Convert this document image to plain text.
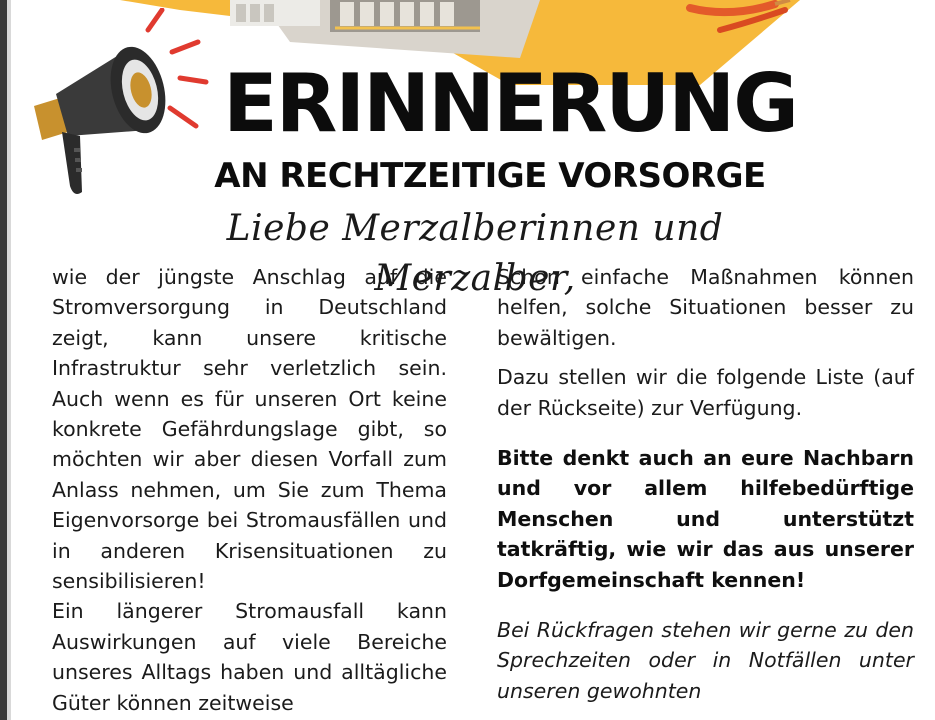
ERINNERUNG
AN RECHTZEITIGE VORSORGE
Liebe Merzalberinnen und Merzalber,

wie der jüngste Anschlag auf die Stromversorgung in Deutschland zeigt, kann unsere kritische Infrastruktur sehr verletzlich sein. Auch wenn es für unseren Ort keine konkrete Gefährdungslage gibt, so möchten wir aber diesen Vorfall zum Anlass nehmen, um Sie zum Thema Eigenvorsorge bei Stromausfällen und in anderen Krisensituationen zu sensibilisieren!

Ein längerer Stromausfall kann Auswirkungen auf viele Bereiche unseres Alltags haben und alltägliche Güter können zeitweise

Schon einfache Maßnahmen können helfen, solche Situationen besser zu bewältigen.

Dazu stellen wir die folgende Liste (auf der Rückseite) zur Verfügung.

Bitte denkt auch an eure Nachbarn und vor allem hilfebedürftige Menschen und unterstützt tatkräftig, wie wir das aus unserer Dorfgemeinschaft kennen!

Bei Rückfragen stehen wir gerne zu den Sprechzeiten oder in Notfällen unter unseren gewohnten
